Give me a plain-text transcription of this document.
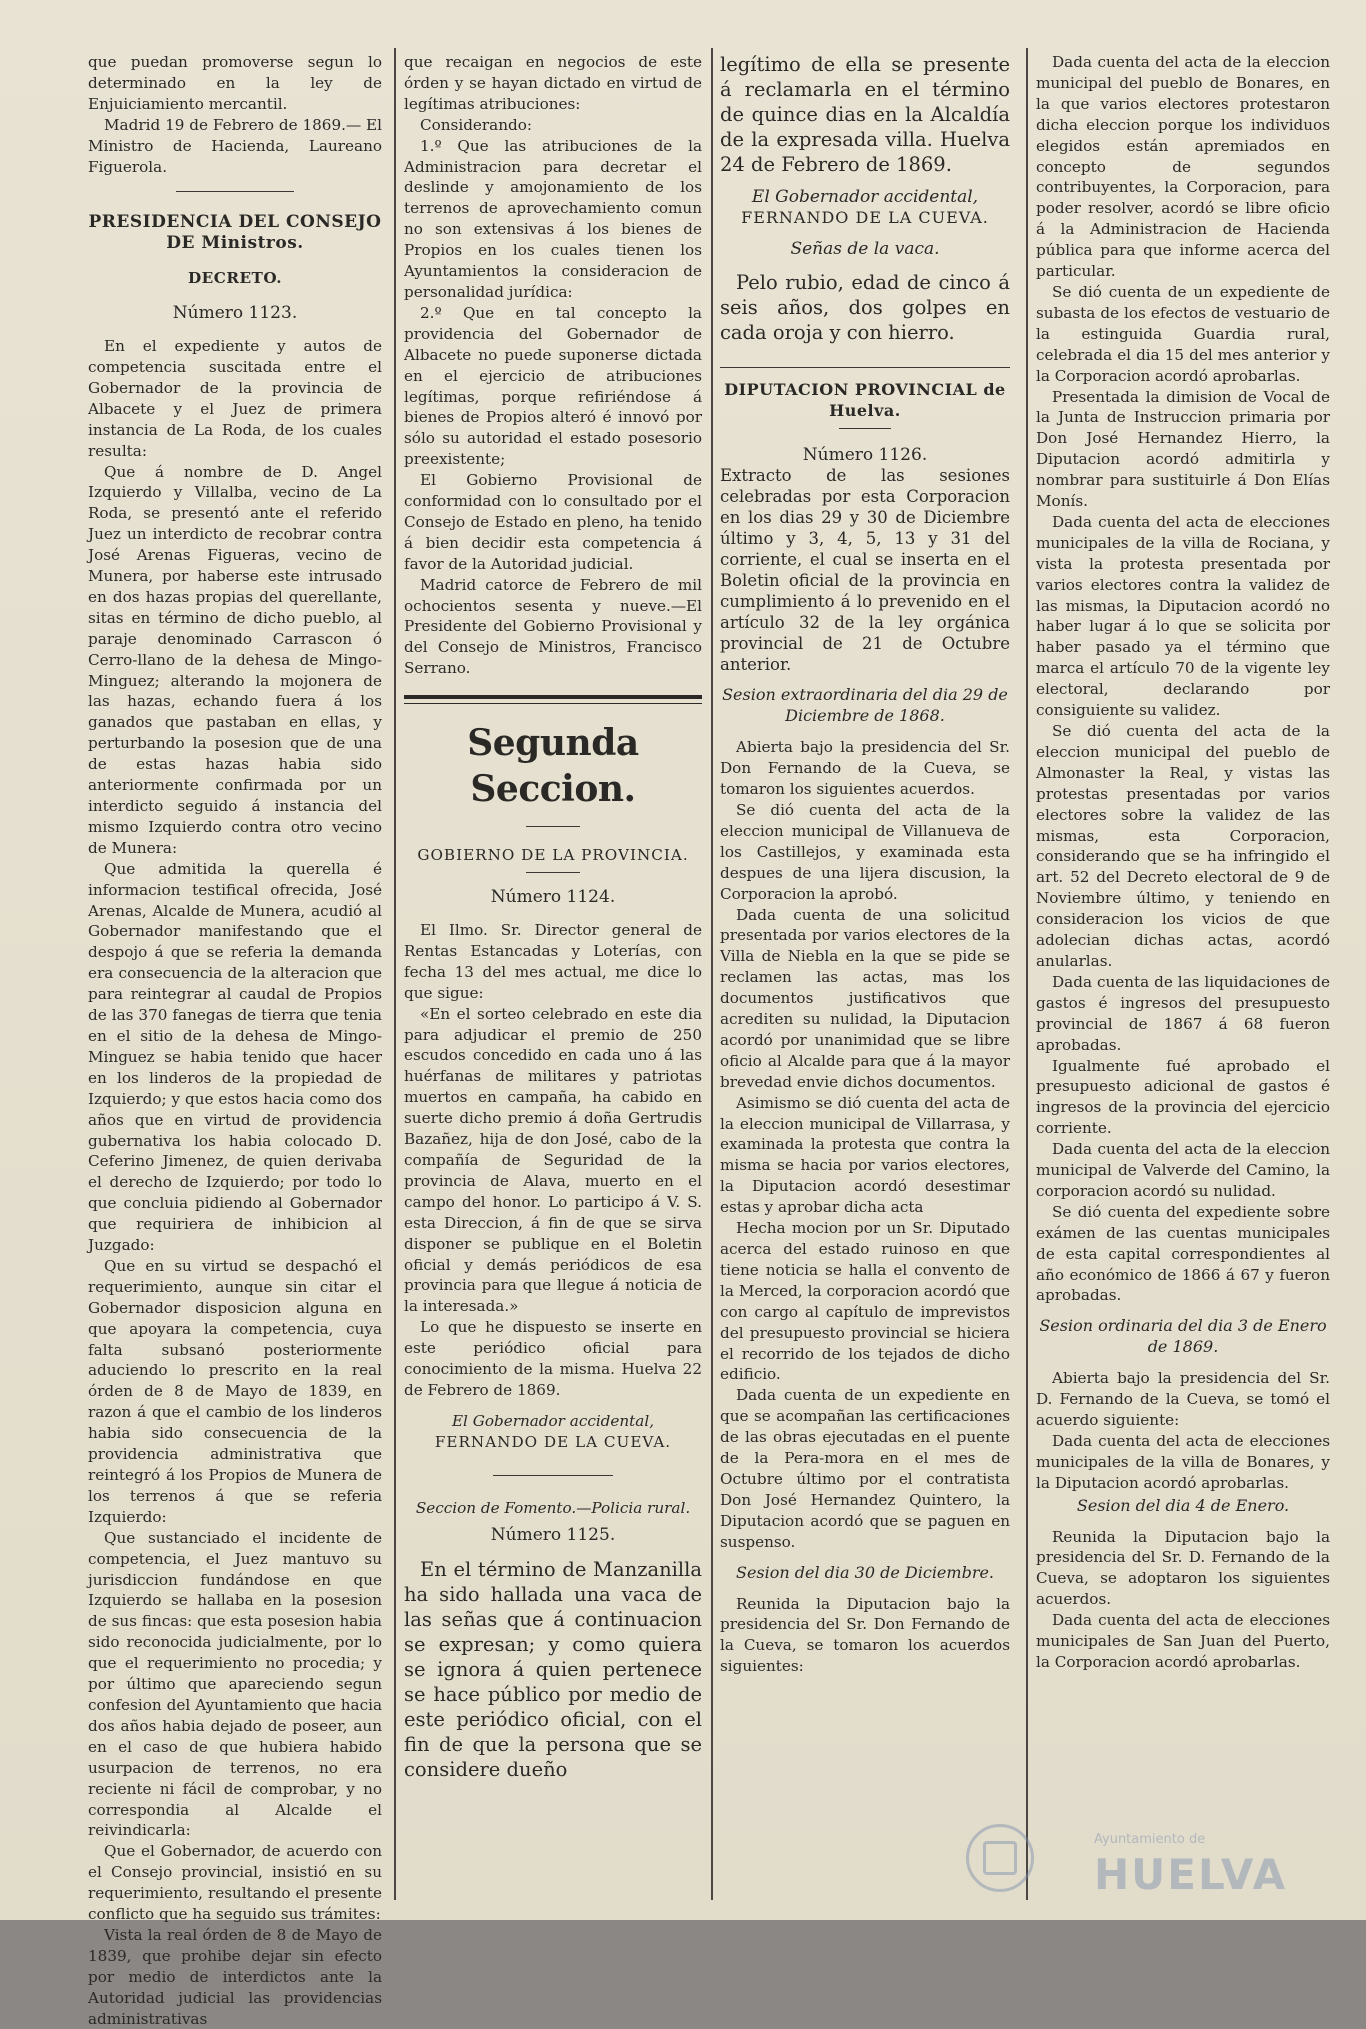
que puedan promoverse segun lo determinado en la ley de Enjuiciamiento mercantil.

Madrid 19 de Febrero de 1869.— El Ministro de Hacienda, Laureano Figuerola.

PRESIDENCIA DEL CONSEJO DE Ministros.

DECRETO.

Número 1123.

En el expediente y autos de competencia suscitada entre el Gobernador de la provincia de Albacete y el Juez de primera instancia de La Roda, de los cuales resulta:

Que á nombre de D. Angel Izquierdo y Villalba, vecino de La Roda, se presentó ante el referido Juez un interdicto de recobrar contra José Arenas Figueras, vecino de Munera, por haberse este intrusado en dos hazas propias del querellante, sitas en término de dicho pueblo, al paraje denominado Carrascon ó Cerro-llano de la dehesa de Mingo-Minguez; alterando la mojonera de las hazas, echando fuera á los ganados que pastaban en ellas, y perturbando la posesion que de una de estas hazas habia sido anteriormente confirmada por un interdicto seguido á instancia del mismo Izquierdo contra otro vecino de Munera:

Que admitida la querella é informacion testifical ofrecida, José Arenas, Alcalde de Munera, acudió al Gobernador manifestando que el despojo á que se referia la demanda era consecuencia de la alteracion que para reintegrar al caudal de Propios de las 370 fanegas de tierra que tenia en el sitio de la dehesa de Mingo-Minguez se habia tenido que hacer en los linderos de la propiedad de Izquierdo; y que estos hacia como dos años que en virtud de providencia gubernativa los habia colocado D. Ceferino Jimenez, de quien derivaba el derecho de Izquierdo; por todo lo que concluia pidiendo al Gobernador que requiriera de inhibicion al Juzgado:

Que en su virtud se despachó el requerimiento, aunque sin citar el Gobernador disposicion alguna en que apoyara la competencia, cuya falta subsanó posteriormente aduciendo lo prescrito en la real órden de 8 de Mayo de 1839, en razon á que el cambio de los linderos habia sido consecuencia de la providencia administrativa que reintegró á los Propios de Munera de los terrenos á que se referia Izquierdo:

Que sustanciado el incidente de competencia, el Juez mantuvo su jurisdiccion fundándose en que Izquierdo se hallaba en la posesion de sus fincas: que esta posesion habia sido reconocida judicialmente, por lo que el requerimiento no procedia; y por último que apareciendo segun confesion del Ayuntamiento que hacia dos años habia dejado de poseer, aun en el caso de que hubiera habido usurpacion de terrenos, no era reciente ni fácil de comprobar, y no correspondia al Alcalde el reivindicarla:

Que el Gobernador, de acuerdo con el Consejo provincial, insistió en su requerimiento, resultando el presente conflicto que ha seguido sus trámites:

Vista la real órden de 8 de Mayo de 1839, que prohibe dejar sin efecto por medio de interdictos ante la Autoridad judicial las providencias administrativas

que recaigan en negocios de este órden y se hayan dictado en virtud de legítimas atribuciones:

Considerando:

1.º Que las atribuciones de la Administracion para decretar el deslinde y amojonamiento de los terrenos de aprovechamiento comun no son extensivas á los bienes de Propios en los cuales tienen los Ayuntamientos la consideracion de personalidad jurídica:

2.º Que en tal concepto la providencia del Gobernador de Albacete no puede suponerse dictada en el ejercicio de atribuciones legítimas, porque refiriéndose á bienes de Propios alteró é innovó por sólo su autoridad el estado posesorio preexistente;

El Gobierno Provisional de conformidad con lo consultado por el Consejo de Estado en pleno, ha tenido á bien decidir esta competencia á favor de la Autoridad judicial.

Madrid catorce de Febrero de mil ochocientos sesenta y nueve.—El Presidente del Gobierno Provisional y del Consejo de Ministros, Francisco Serrano.

Segunda Seccion.

GOBIERNO DE LA PROVINCIA.

Número 1124.

El Ilmo. Sr. Director general de Rentas Estancadas y Loterías, con fecha 13 del mes actual, me dice lo que sigue:

«En el sorteo celebrado en este dia para adjudicar el premio de 250 escudos concedido en cada uno á las huérfanas de militares y patriotas muertos en campaña, ha cabido en suerte dicho premio á doña Gertrudis Bazañez, hija de don José, cabo de la compañía de Seguridad de la provincia de Alava, muerto en el campo del honor. Lo participo á V. S. esta Direccion, á fin de que se sirva disponer se publique en el Boletin oficial y demás periódicos de esa provincia para que llegue á noticia de la interesada.»

Lo que he dispuesto se inserte en este periódico oficial para conocimiento de la misma. Huelva 22 de Febrero de 1869.

El Gobernador accidental,

FERNANDO DE LA CUEVA.

Seccion de Fomento.—Policia rural.

Número 1125.

En el término de Manzanilla ha sido hallada una vaca de las señas que á continuacion se expresan; y como quiera se ignora á quien pertenece se hace público por medio de este periódico oficial, con el fin de que la persona que se considere dueño

legítimo de ella se presente á reclamarla en el término de quince dias en la Alcaldía de la expresada villa. Huelva 24 de Febrero de 1869.

El Gobernador accidental,

FERNANDO DE LA CUEVA.

Señas de la vaca.

Pelo rubio, edad de cinco á seis años, dos golpes en cada oroja y con hierro.

DIPUTACION PROVINCIAL de Huelva.

Número 1126.

Extracto de las sesiones celebradas por esta Corporacion en los dias 29 y 30 de Diciembre último y 3, 4, 5, 13 y 31 del corriente, el cual se inserta en el Boletin oficial de la provincia en cumplimiento á lo prevenido en el artículo 32 de la ley orgánica provincial de 21 de Octubre anterior.

Sesion extraordinaria del dia 29 de Diciembre de 1868.

Abierta bajo la presidencia del Sr. Don Fernando de la Cueva, se tomaron los siguientes acuerdos.

Se dió cuenta del acta de la eleccion municipal de Villanueva de los Castillejos, y examinada esta despues de una lijera discusion, la Corporacion la aprobó.

Dada cuenta de una solicitud presentada por varios electores de la Villa de Niebla en la que se pide se reclamen las actas, mas los documentos justificativos que acrediten su nulidad, la Diputacion acordó por unanimidad que se libre oficio al Alcalde para que á la mayor brevedad envie dichos documentos.

Asimismo se dió cuenta del acta de la eleccion municipal de Villarrasa, y examinada la protesta que contra la misma se hacia por varios electores, la Diputacion acordó desestimar estas y aprobar dicha acta

Hecha mocion por un Sr. Diputado acerca del estado ruinoso en que tiene noticia se halla el convento de la Merced, la corporacion acordó que con cargo al capítulo de imprevistos del presupuesto provincial se hiciera el recorrido de los tejados de dicho edificio.

Dada cuenta de un expediente en que se acompañan las certificaciones de las obras ejecutadas en el puente de la Pera-mora en el mes de Octubre último por el contratista Don José Hernandez Quintero, la Diputacion acordó que se paguen en suspenso.

Sesion del dia 30 de Diciembre.

Reunida la Diputacion bajo la presidencia del Sr. Don Fernando de la Cueva, se tomaron los acuerdos siguientes:

Dada cuenta del acta de la eleccion municipal del pueblo de Bonares, en la que varios electores protestaron dicha eleccion porque los individuos elegidos están apremiados en concepto de segundos contribuyentes, la Corporacion, para poder resolver, acordó se libre oficio á la Administracion de Hacienda pública para que informe acerca del particular.

Se dió cuenta de un expediente de subasta de los efectos de vestuario de la estinguida Guardia rural, celebrada el dia 15 del mes anterior y la Corporacion acordó aprobarlas.

Presentada la dimision de Vocal de la Junta de Instruccion primaria por Don José Hernandez Hierro, la Diputacion acordó admitirla y nombrar para sustituirle á Don Elías Monís.

Dada cuenta del acta de elecciones municipales de la villa de Rociana, y vista la protesta presentada por varios electores contra la validez de las mismas, la Diputacion acordó no haber lugar á lo que se solicita por haber pasado ya el término que marca el artículo 70 de la vigente ley electoral, declarando por consiguiente su validez.

Se dió cuenta del acta de la eleccion municipal del pueblo de Almonaster la Real, y vistas las protestas presentadas por varios electores sobre la validez de las mismas, esta Corporacion, considerando que se ha infringido el art. 52 del Decreto electoral de 9 de Noviembre último, y teniendo en consideracion los vicios de que adolecian dichas actas, acordó anularlas.

Dada cuenta de las liquidaciones de gastos é ingresos del presupuesto provincial de 1867 á 68 fueron aprobadas.

Igualmente fué aprobado el presupuesto adicional de gastos é ingresos de la provincia del ejercicio corriente.

Dada cuenta del acta de la eleccion municipal de Valverde del Camino, la corporacion acordó su nulidad.

Se dió cuenta del expediente sobre exámen de las cuentas municipales de esta capital correspondientes al año económico de 1866 á 67 y fueron aprobadas.

Sesion ordinaria del dia 3 de Enero de 1869.

Abierta bajo la presidencia del Sr. D. Fernando de la Cueva, se tomó el acuerdo siguiente:

Dada cuenta del acta de elecciones municipales de la villa de Bonares, y la Diputacion acordó aprobarlas.

Sesion del dia 4 de Enero.

Reunida la Diputacion bajo la presidencia del Sr. D. Fernando de la Cueva, se adoptaron los siguientes acuerdos.

Dada cuenta del acta de elecciones municipales de San Juan del Puerto, la Corporacion acordó aprobarlas.

Ayuntamiento de
HUELVA
